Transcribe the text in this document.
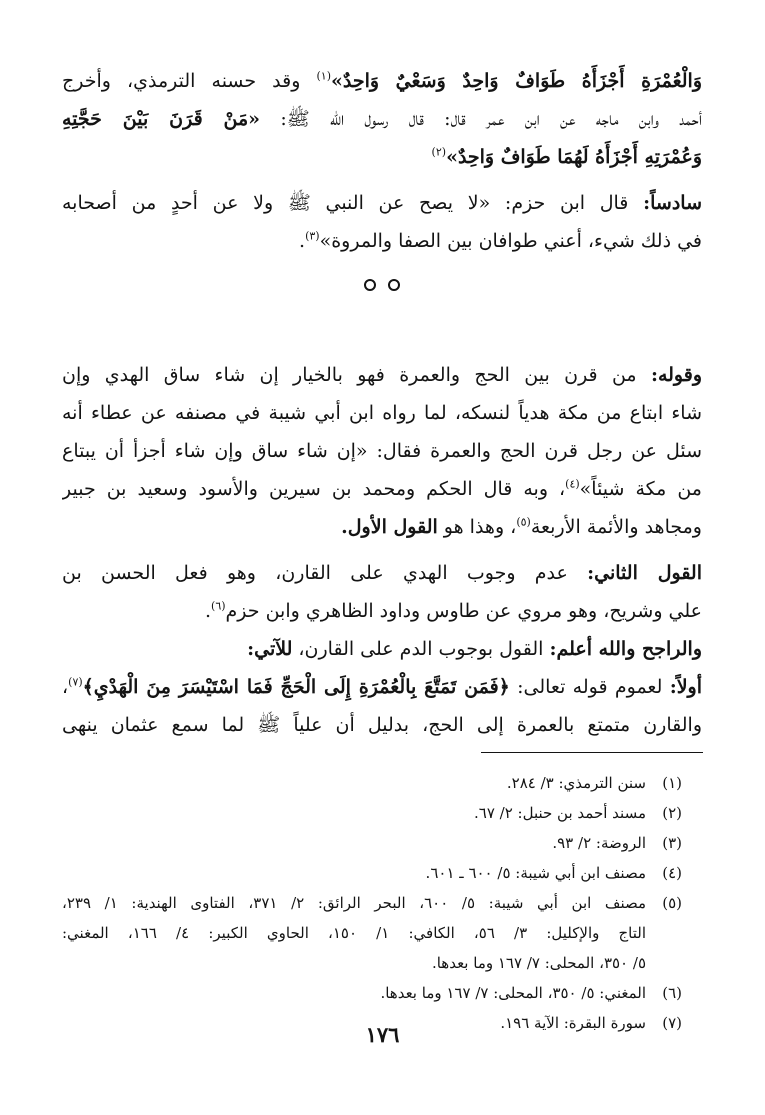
وَالْعُمْرَةِ أَجْزَأَهُ طَوَافٌ وَاحِدٌ وَسَعْيٌ وَاحِدٌ»$^{(١)}$ وقد حسنه الترمذي، وأخرج
أحمد وابن ماجه عن ابن عمر قال: قال رسول الله ﷺ: «مَنْ قَرَنَ بَيْنَ حَجَّتِهِ
وَعُمْرَتِهِ أَجْزَأَهُ لَهُمَا طَوَافٌ وَاحِدٌ»$^{(٢)}$
سادساً: قال ابن حزم: «لا يصح عن النبي ﷺ ولا عن أحدٍ من أصحابه
في ذلك شيء، أعني طوافان بين الصفا والمروة»$^{(٣)}$.
وقوله: من قرن بين الحج والعمرة فهو بالخيار إن شاء ساق الهدي وإن
شاء ابتاع من مكة هدياً لنسكه، لما رواه ابن أبي شيبة في مصنفه عن عطاء أنه
سئل عن رجل قرن الحج والعمرة فقال: «إن شاء ساق وإن شاء أجزأ أن يبتاع
من مكة شيئاً»$^{(٤)}$، وبه قال الحكم ومحمد بن سيرين والأسود وسعيد بن جبير
ومجاهد والأئمة الأربعة$^{(٥)}$، وهذا هو القول الأول.
القول الثاني: عدم وجوب الهدي على القارن، وهو فعل الحسن بن
علي وشريح، وهو مروي عن طاوس وداود الظاهري وابن حزم$^{(٦)}$.
والراجح والله أعلم: القول بوجوب الدم على القارن، للآتي:
أولاً: لعموم قوله تعالى: ﴿فَمَن تَمَتَّعَ بِالْعُمْرَةِ إِلَى الْحَجِّ فَمَا اسْتَيْسَرَ مِنَ الْهَدْيِ﴾$^{(٧)}$،
والقارن متمتع بالعمرة إلى الحج، بدليل أن علياً ﷺ لما سمع عثمان ينهى
(١)
سنن الترمذي: ٣/ ٢٨٤.
(٢)
مسند أحمد بن حنبل: ٢/ ٦٧.
(٣)
الروضة: ٢/ ٩٣.
(٤)
مصنف ابن أبي شيبة: ٥/ ٦٠٠ ـ ٦٠١.
(٥)
مصنف ابن أبي شيبة: ٥/ ٦٠٠، البحر الرائق: ٢/ ٣٧١، الفتاوى الهندية: ١/ ٢٣٩،
التاج والإكليل: ٣/ ٥٦، الكافي: ١/ ١٥٠، الحاوي الكبير: ٤/ ١٦٦، المغني:
٥/ ٣٥٠، المحلى: ٧/ ١٦٧ وما بعدها.
(٦)
المغني: ٥/ ٣٥٠، المحلى: ٧/ ١٦٧ وما بعدها.
(٧)
سورة البقرة: الآية ١٩٦.
١٧٦
